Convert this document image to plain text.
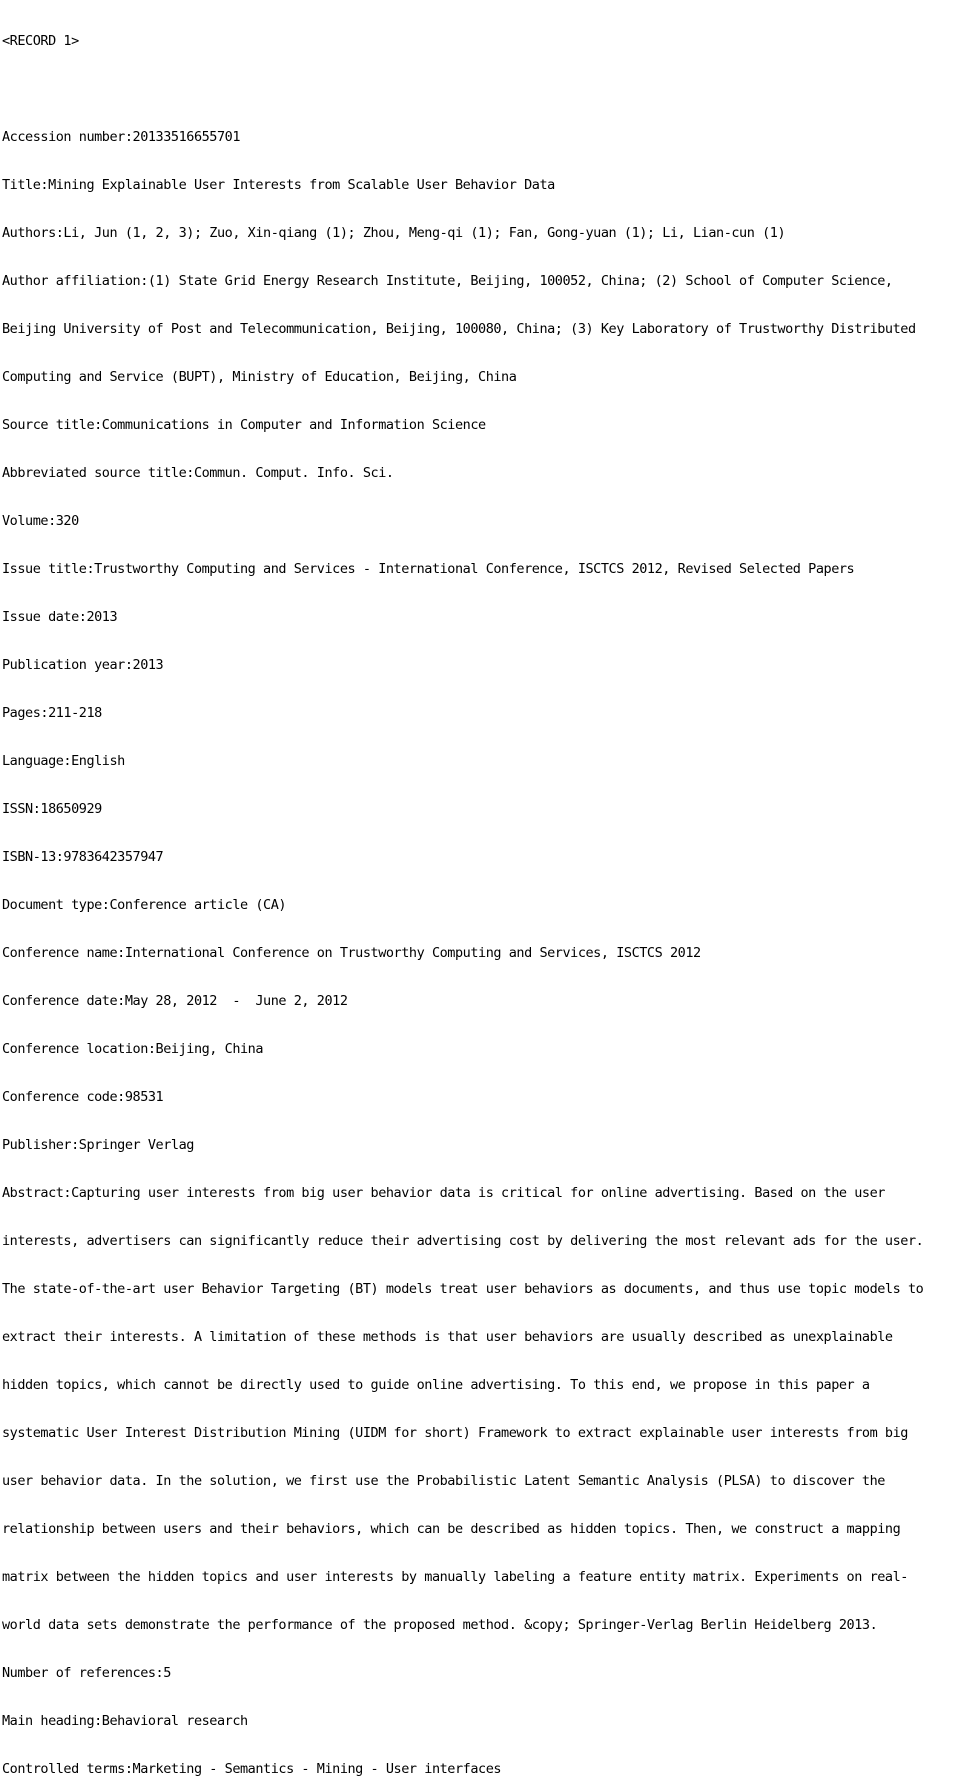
<RECORD 1>

Accession number:20133516655701

Title:Mining Explainable User Interests from Scalable User Behavior Data

Authors:Li, Jun (1, 2, 3); Zuo, Xin-qiang (1); Zhou, Meng-qi (1); Fan, Gong-yuan (1); Li, Lian-cun (1)

Author affiliation:(1) State Grid Energy Research Institute, Beijing, 100052, China; (2) School of Computer Science,

Beijing University of Post and Telecommunication, Beijing, 100080, China; (3) Key Laboratory of Trustworthy Distributed

Computing and Service (BUPT), Ministry of Education, Beijing, China

Source title:Communications in Computer and Information Science

Abbreviated source title:Commun. Comput. Info. Sci.

Volume:320

Issue title:Trustworthy Computing and Services - International Conference, ISCTCS 2012, Revised Selected Papers

Issue date:2013

Publication year:2013

Pages:211-218

Language:English

ISSN:18650929

ISBN-13:9783642357947

Document type:Conference article (CA)

Conference name:International Conference on Trustworthy Computing and Services, ISCTCS 2012

Conference date:May 28, 2012  -  June 2, 2012

Conference location:Beijing, China

Conference code:98531

Publisher:Springer Verlag

Abstract:Capturing user interests from big user behavior data is critical for online advertising. Based on the user

interests, advertisers can significantly reduce their advertising cost by delivering the most relevant ads for the user.

The state-of-the-art user Behavior Targeting (BT) models treat user behaviors as documents, and thus use topic models to

extract their interests. A limitation of these methods is that user behaviors are usually described as unexplainable

hidden topics, which cannot be directly used to guide online advertising. To this end, we propose in this paper a

systematic User Interest Distribution Mining (UIDM for short) Framework to extract explainable user interests from big

user behavior data. In the solution, we first use the Probabilistic Latent Semantic Analysis (PLSA) to discover the

relationship between users and their behaviors, which can be described as hidden topics. Then, we construct a mapping

matrix between the hidden topics and user interests by manually labeling a feature entity matrix. Experiments on real-

world data sets demonstrate the performance of the proposed method. &copy; Springer-Verlag Berlin Heidelberg 2013.

Number of references:5

Main heading:Behavioral research

Controlled terms:Marketing - Semantics - Mining - User interfaces
